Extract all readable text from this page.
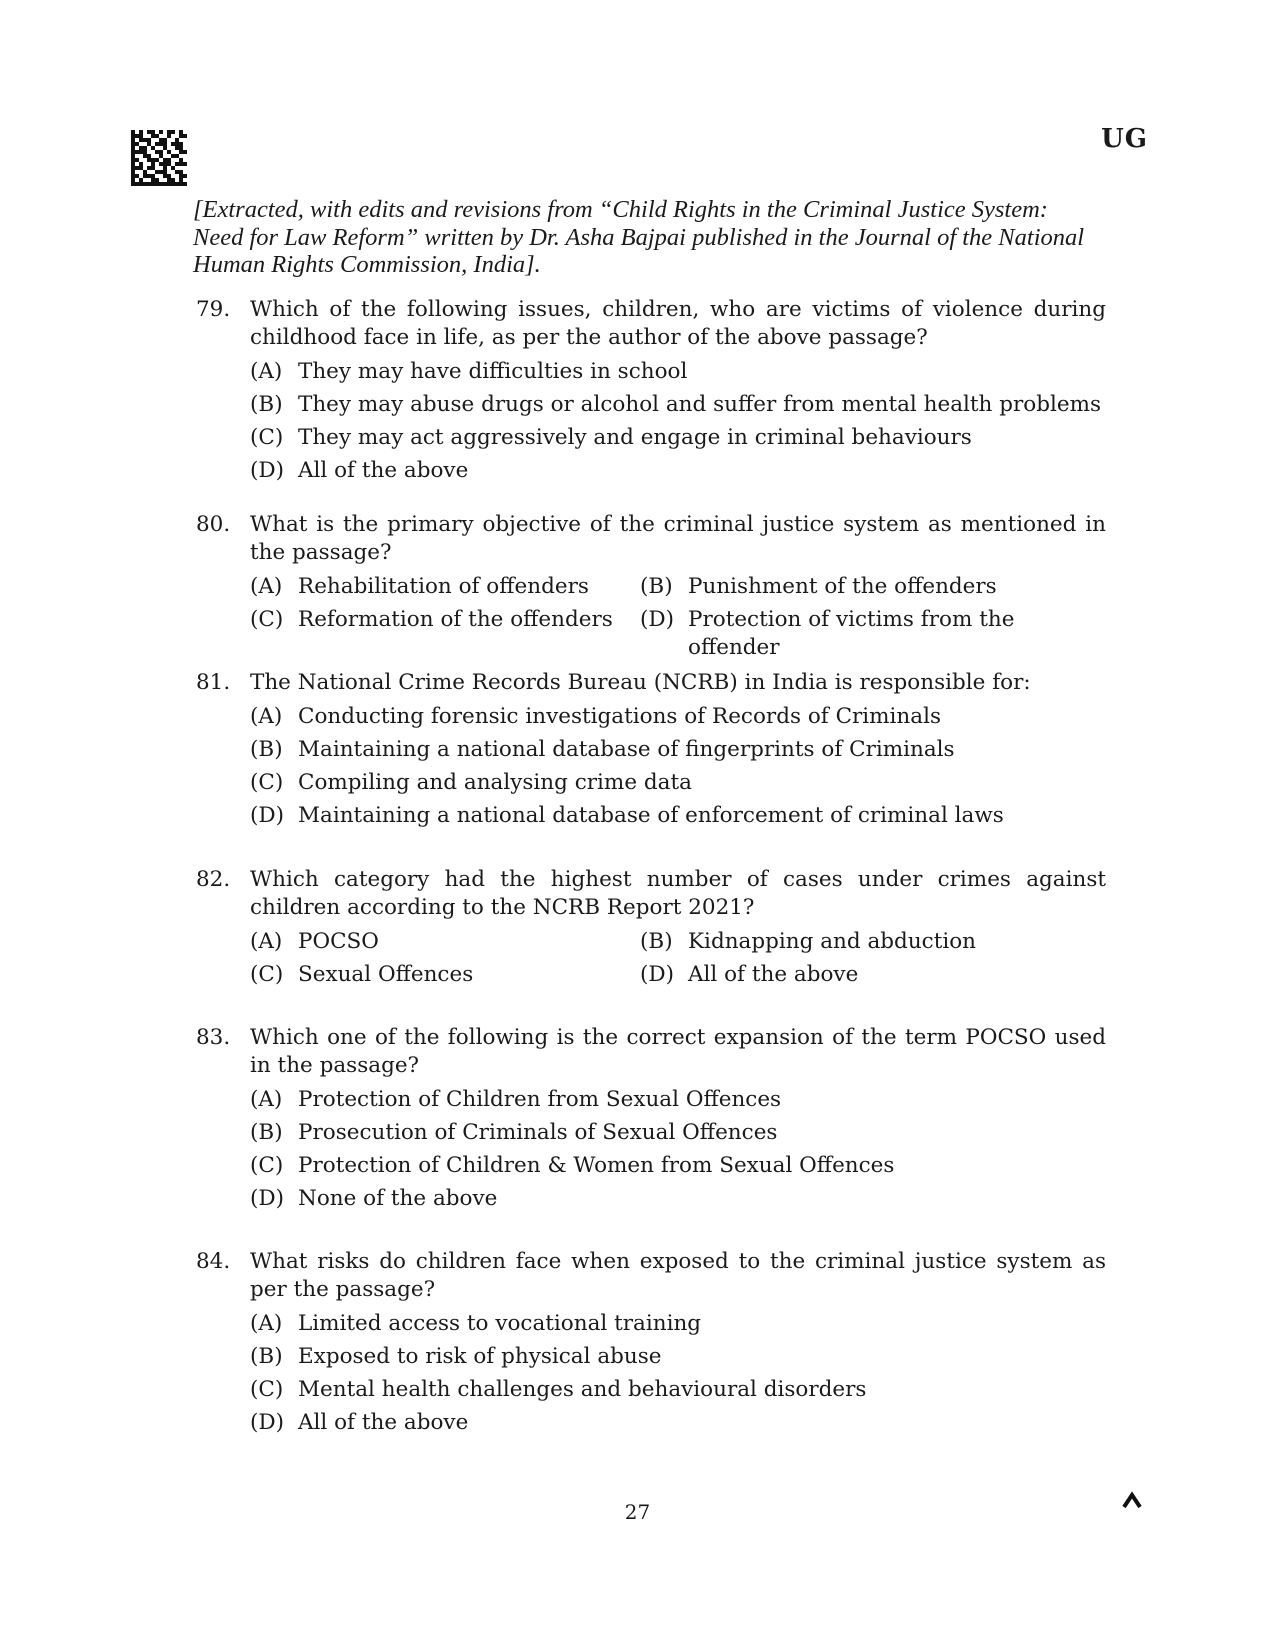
UG
[Extracted, with edits and revisions from “Child Rights in the Criminal Justice System: Need for Law Reform” written by Dr. Asha Bajpai published in the Journal of the National Human Rights Commission, India].
79. Which of the following issues, children, who are victims of violence during childhood face in life, as per the author of the above passage?
(A) They may have difficulties in school
(B) They may abuse drugs or alcohol and suffer from mental health problems
(C) They may act aggressively and engage in criminal behaviours
(D) All of the above
80. What is the primary objective of the criminal justice system as mentioned in the passage?
(A) Rehabilitation of offenders (B) Punishment of the offenders
(C) Reformation of the offenders (D) Protection of victims from the offender
81. The National Crime Records Bureau (NCRB) in India is responsible for:
(A) Conducting forensic investigations of Records of Criminals
(B) Maintaining a national database of fingerprints of Criminals
(C) Compiling and analysing crime data
(D) Maintaining a national database of enforcement of criminal laws
82. Which category had the highest number of cases under crimes against children according to the NCRB Report 2021?
(A) POCSO	(B) Kidnapping and abduction
(C) Sexual Offences	(D) All of the above
83. Which one of the following is the correct expansion of the term POCSO used in the passage?
(A) Protection of Children from Sexual Offences
(B) Prosecution of Criminals of Sexual Offences
(C) Protection of Children & Women from Sexual Offences
(D) None of the above
84. What risks do children face when exposed to the criminal justice system as per the passage?
(A) Limited access to vocational training
(B) Exposed to risk of physical abuse
(C) Mental health challenges and behavioural disorders
(D) All of the above
27
